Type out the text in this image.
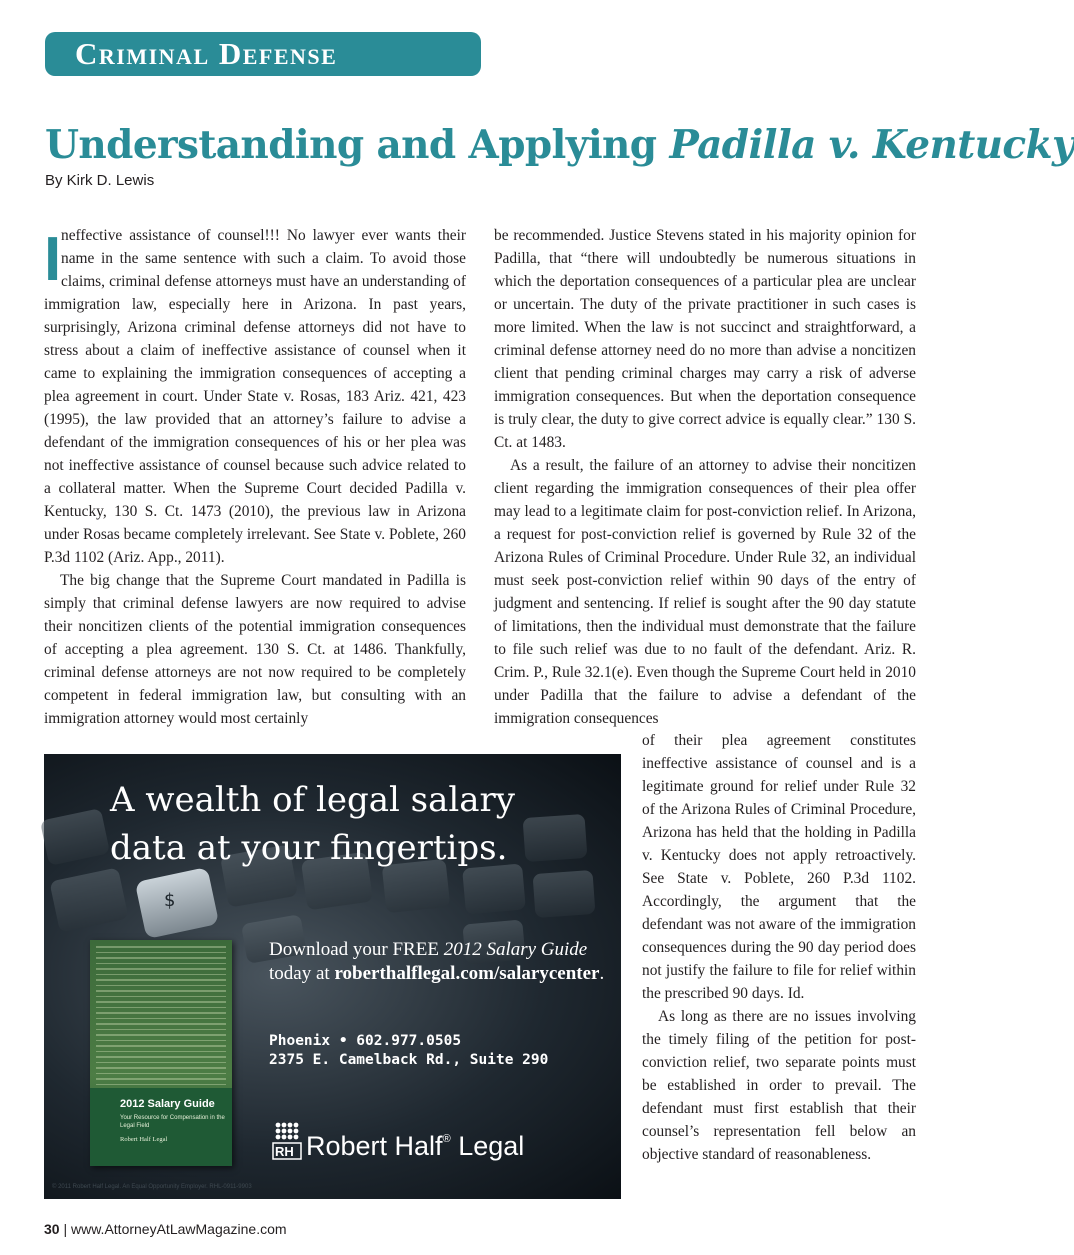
Criminal Defense
Understanding and Applying Padilla v. Kentucky
By Kirk D. Lewis

Ineffective assistance of counsel!!! No lawyer ever wants their name in the same sentence with such a claim. To avoid those claims, criminal defense attorneys must have an understanding of immigration law, especially here in Arizona. In past years, surprisingly, Arizona criminal defense attorneys did not have to stress about a claim of ineffective assistance of counsel when it came to explaining the immigration consequences of accepting a plea agreement in court. Under State v. Rosas, 183 Ariz. 421, 423 (1995), the law provided that an attorney’s failure to advise a defendant of the immigration consequences of his or her plea was not ineffective assistance of counsel because such advice related to a collateral matter. When the Supreme Court decided Padilla v. Kentucky, 130 S. Ct. 1473 (2010), the previous law in Arizona under Rosas became completely irrelevant. See State v. Poblete, 260 P.3d 1102 (Ariz. App., 2011).

The big change that the Supreme Court mandated in Padilla is simply that criminal defense lawyers are now required to advise their noncitizen clients of the potential immigration consequences of accepting a plea agreement. 130 S. Ct. at 1486. Thankfully, criminal defense attorneys are not now required to be completely competent in federal immigration law, but consulting with an immigration attorney would most certainly

be recommended. Justice Stevens stated in his majority opinion for Padilla, that “there will undoubtedly be numerous situations in which the deportation consequences of a particular plea are unclear or uncertain. The duty of the private practitioner in such cases is more limited. When the law is not succinct and straightforward, a criminal defense attorney need do no more than advise a noncitizen client that pending criminal charges may carry a risk of adverse immigration consequences. But when the deportation consequence is truly clear, the duty to give correct advice is equally clear.” 130 S. Ct. at 1483.

As a result, the failure of an attorney to advise their noncitizen client regarding the immigration consequences of their plea offer may lead to a legitimate claim for post-conviction relief. In Arizona, a request for post-conviction relief is governed by Rule 32 of the Arizona Rules of Criminal Procedure. Under Rule 32, an individual must seek post-conviction relief within 90 days of the entry of judgment and sentencing. If relief is sought after the 90 day statute of limitations, then the individual must demonstrate that the failure to file such relief was due to no fault of the defendant. Ariz. R. Crim. P., Rule 32.1(e). Even though the Supreme Court held in 2010 under Padilla that the failure to advise a defendant of the immigration consequences

of their plea agreement constitutes ineffective assistance of counsel and is a legitimate ground for relief under Rule 32 of the Arizona Rules of Criminal Procedure, Arizona has held that the holding in Padilla v. Kentucky does not apply retroactively. See State v. Poblete, 260 P.3d 1102. Accordingly, the argument that the defendant was not aware of the immigration consequences during the 90 day period does not justify the failure to file for relief within the prescribed 90 days. Id.

As long as there are no issues involving the timely filing of the petition for post-conviction relief, two separate points must be established in order to prevail. The defendant must first establish that their counsel’s representation fell below an objective standard of reasonableness.

$
A wealth of legal salary
data at your fingertips.
2012 Salary Guide
Your Resource for Compensation in the Legal Field
Robert Half Legal
Download your FREE 2012 Salary Guide
today at roberthalflegal.com/salarycenter.
Phoenix • 602.977.0505
2375 E. Camelback Rd., Suite 290
RH Robert Half® Legal
© 2011 Robert Half Legal. An Equal Opportunity Employer. RHL-0911-9903
30 | www.AttorneyAtLawMagazine.com
